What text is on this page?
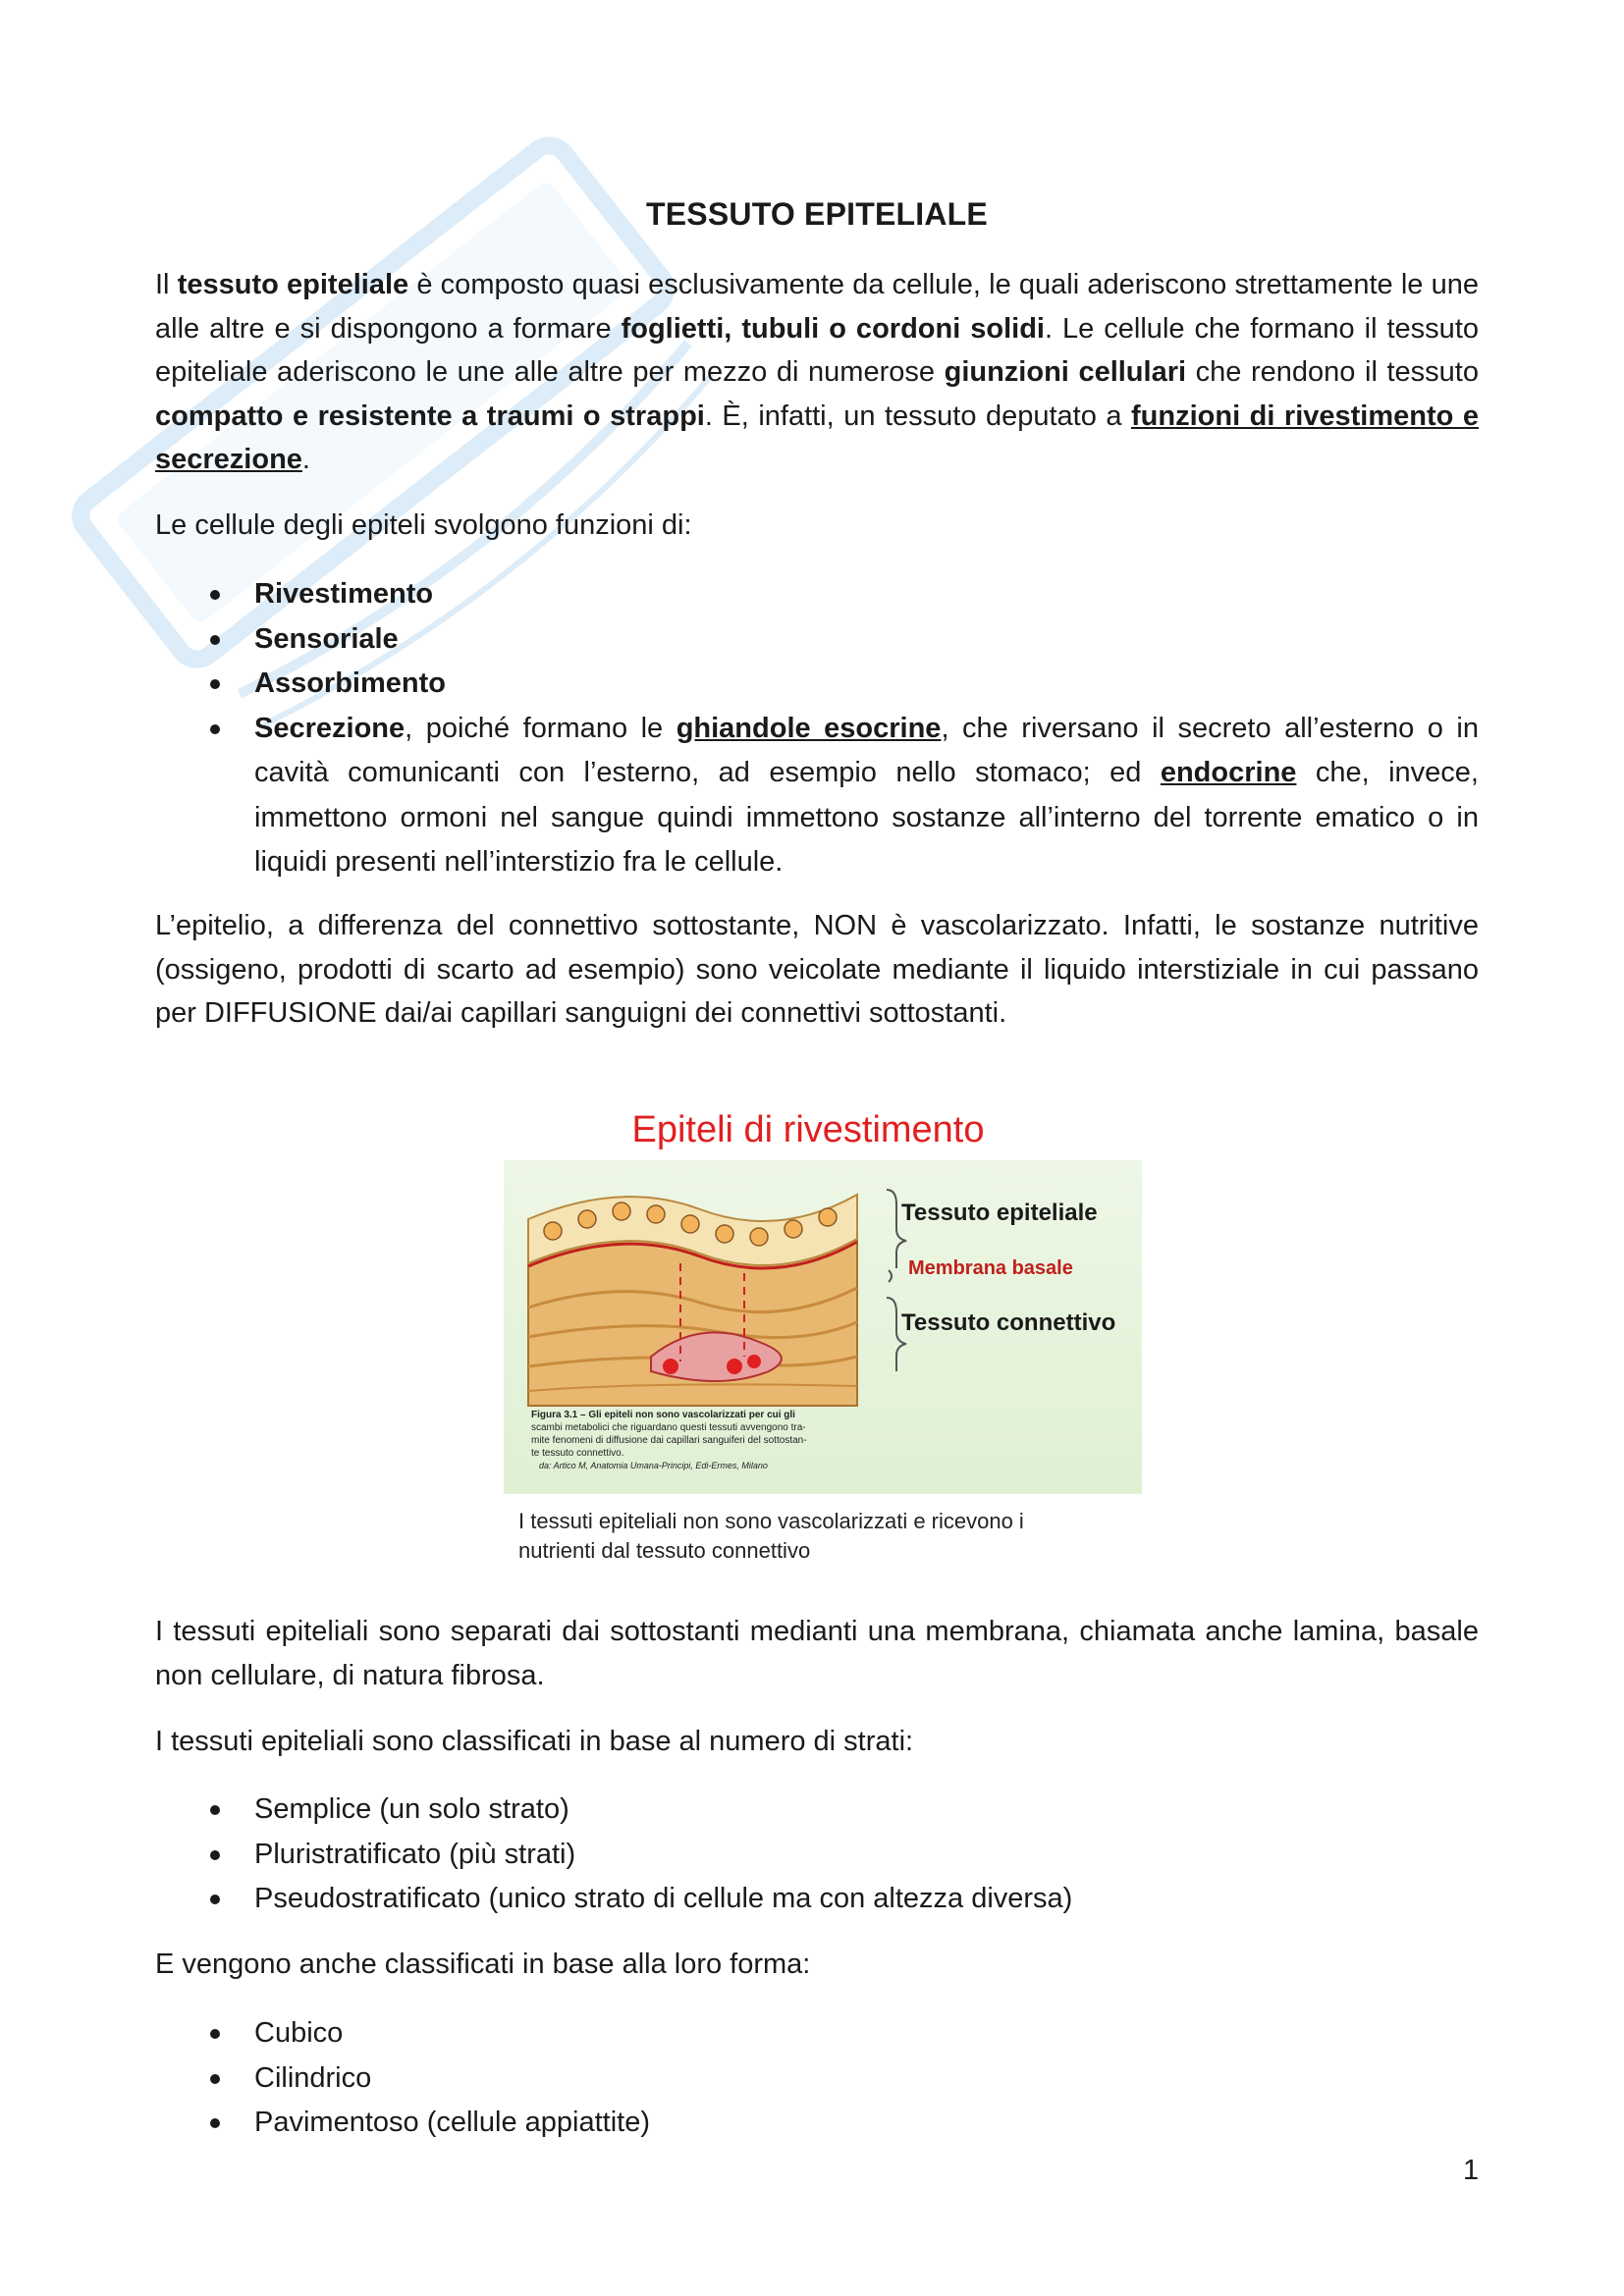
TESSUTO EPITELIALE

Il tessuto epiteliale è composto quasi esclusivamente da cellule, le quali aderiscono strettamente le une alle altre e si dispongono a formare foglietti, tubuli o cordoni solidi. Le cellule che formano il tessuto epiteliale aderiscono le une alle altre per mezzo di numerose giunzioni cellulari che rendono il tessuto compatto e resistente a traumi o strappi. È, infatti, un tessuto deputato a funzioni di rivestimento e secrezione.

Le cellule degli epiteli svolgono funzioni di:

Rivestimento
Sensoriale
Assorbimento
Secrezione, poiché formano le ghiandole esocrine, che riversano il secreto all’esterno o in cavità comunicanti con l’esterno, ad esempio nello stomaco; ed endocrine che, invece, immettono ormoni nel sangue quindi immettono sostanze all’interno del torrente ematico o in liquidi presenti nell’interstizio fra le cellule.

L’epitelio, a differenza del connettivo sottostante, NON è vascolarizzato. Infatti, le sostanze nutritive (ossigeno, prodotti di scarto ad esempio) sono veicolate mediante il liquido interstiziale in cui passano per DIFFUSIONE dai/ai capillari sanguigni dei connettivi sottostanti.

I tessuti epiteliali sono separati dai sottostanti medianti una membrana, chiamata anche lamina, basale non cellulare, di natura fibrosa.

I tessuti epiteliali sono classificati in base al numero di strati:

Semplice (un solo strato)
Pluristratificato (più strati)
Pseudostratificato (unico strato di cellule ma con altezza diversa)

E vengono anche classificati in base alla loro forma:

Cubico
Cilindrico
Pavimentoso (cellule appiattite)
Epiteli di rivestimento
Figura 3.1 – Gli epiteli non sono vascolarizzati per cui gli
scambi metabolici che riguardano questi tessuti avvengono tra-
mite fenomeni di diffusione dai capillari sanguiferi del sottostan-
te tessuto connettivo.
da: Artico M, Anatomia Umana-Principi, Edi-Ermes, Milano
Tessuto epiteliale
Membrana basale
Tessuto connettivo
I tessuti epiteliali non sono vascolarizzati e ricevono i
nutrienti dal tessuto connettivo
1
